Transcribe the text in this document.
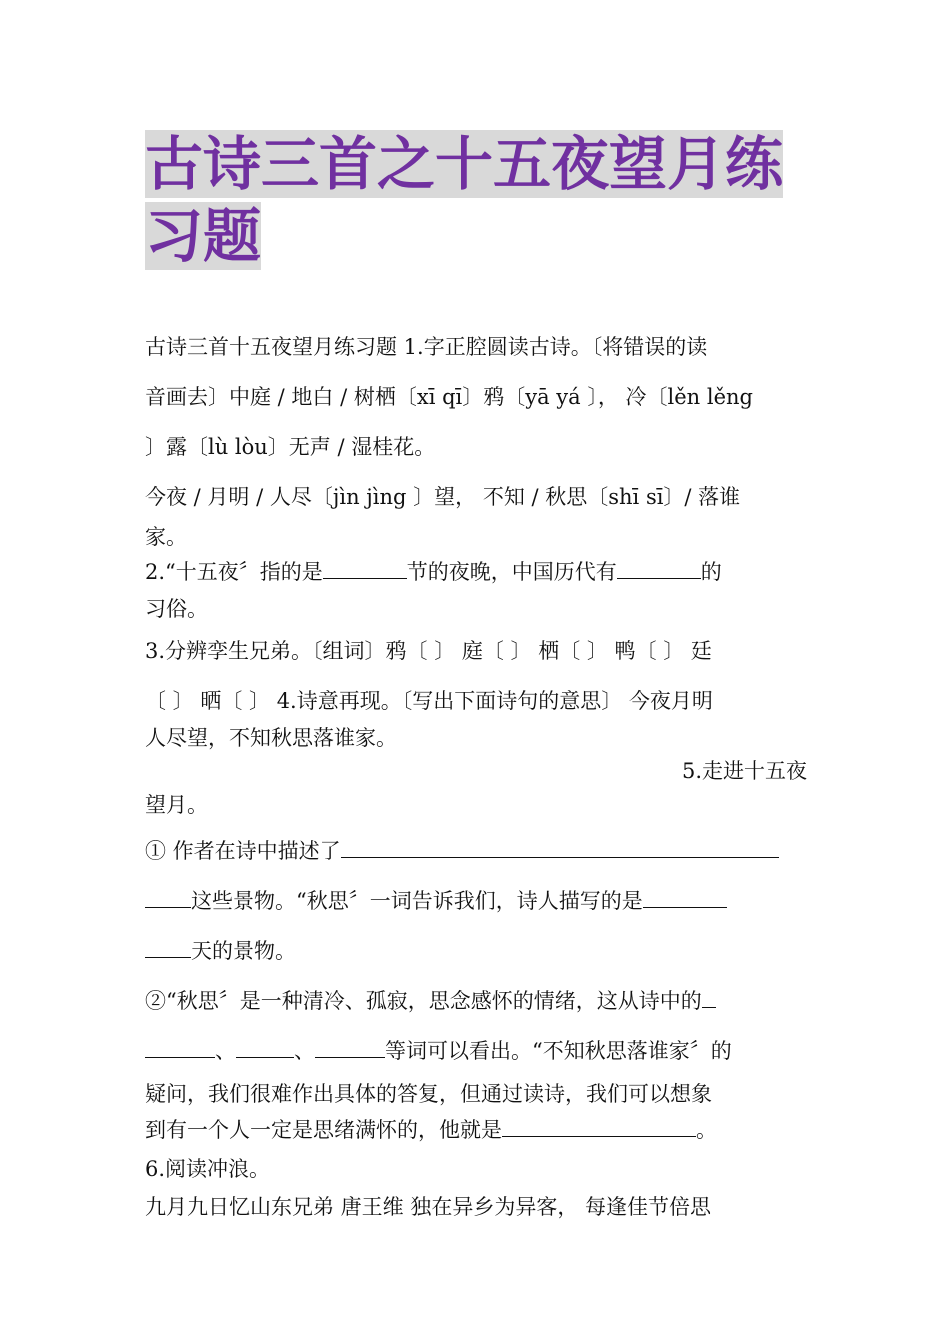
古诗三首之十五夜望月练
习题

古诗三首十五夜望月练习题 1.字正腔圆读古诗。〔将错误的读

音画去〕中庭 / 地白 / 树栖〔xī qī〕鸦〔yā yá 〕， 冷〔lěn lěng

〕露〔lù lòu〕无声 / 湿桂花。

今夜 / 月明 / 人尽〔jìn jìng 〕望， 不知 / 秋思〔shī sī〕/ 落谁

家。

2.“十五夜〞指的是	节的夜晚，中国历代有	的

习俗。

3.分辨孪生兄弟。〔组词〕鸦〔 〕 庭〔 〕 栖〔 〕 鸭〔 〕 廷

〔 〕 晒〔 〕 4.诗意再现。〔写出下面诗句的意思〕 今夜月明

人尽望，不知秋思落谁家。

5.走进十五夜

望月。

① 作者在诗中描述了

这些景物。“秋思〞一词告诉我们，诗人描写的是

天的景物。

②“秋思〞是一种清冷、孤寂，思念感怀的情绪，这从诗中的

、	、	等词可以看出。“不知秋思落谁家〞的

疑问，我们很难作出具体的答复，但通过读诗，我们可以想象

到有一个人一定是思绪满怀的，他就是	。

6.阅读冲浪。

九月九日忆山东兄弟 唐王维 独在异乡为异客， 每逢佳节倍思
